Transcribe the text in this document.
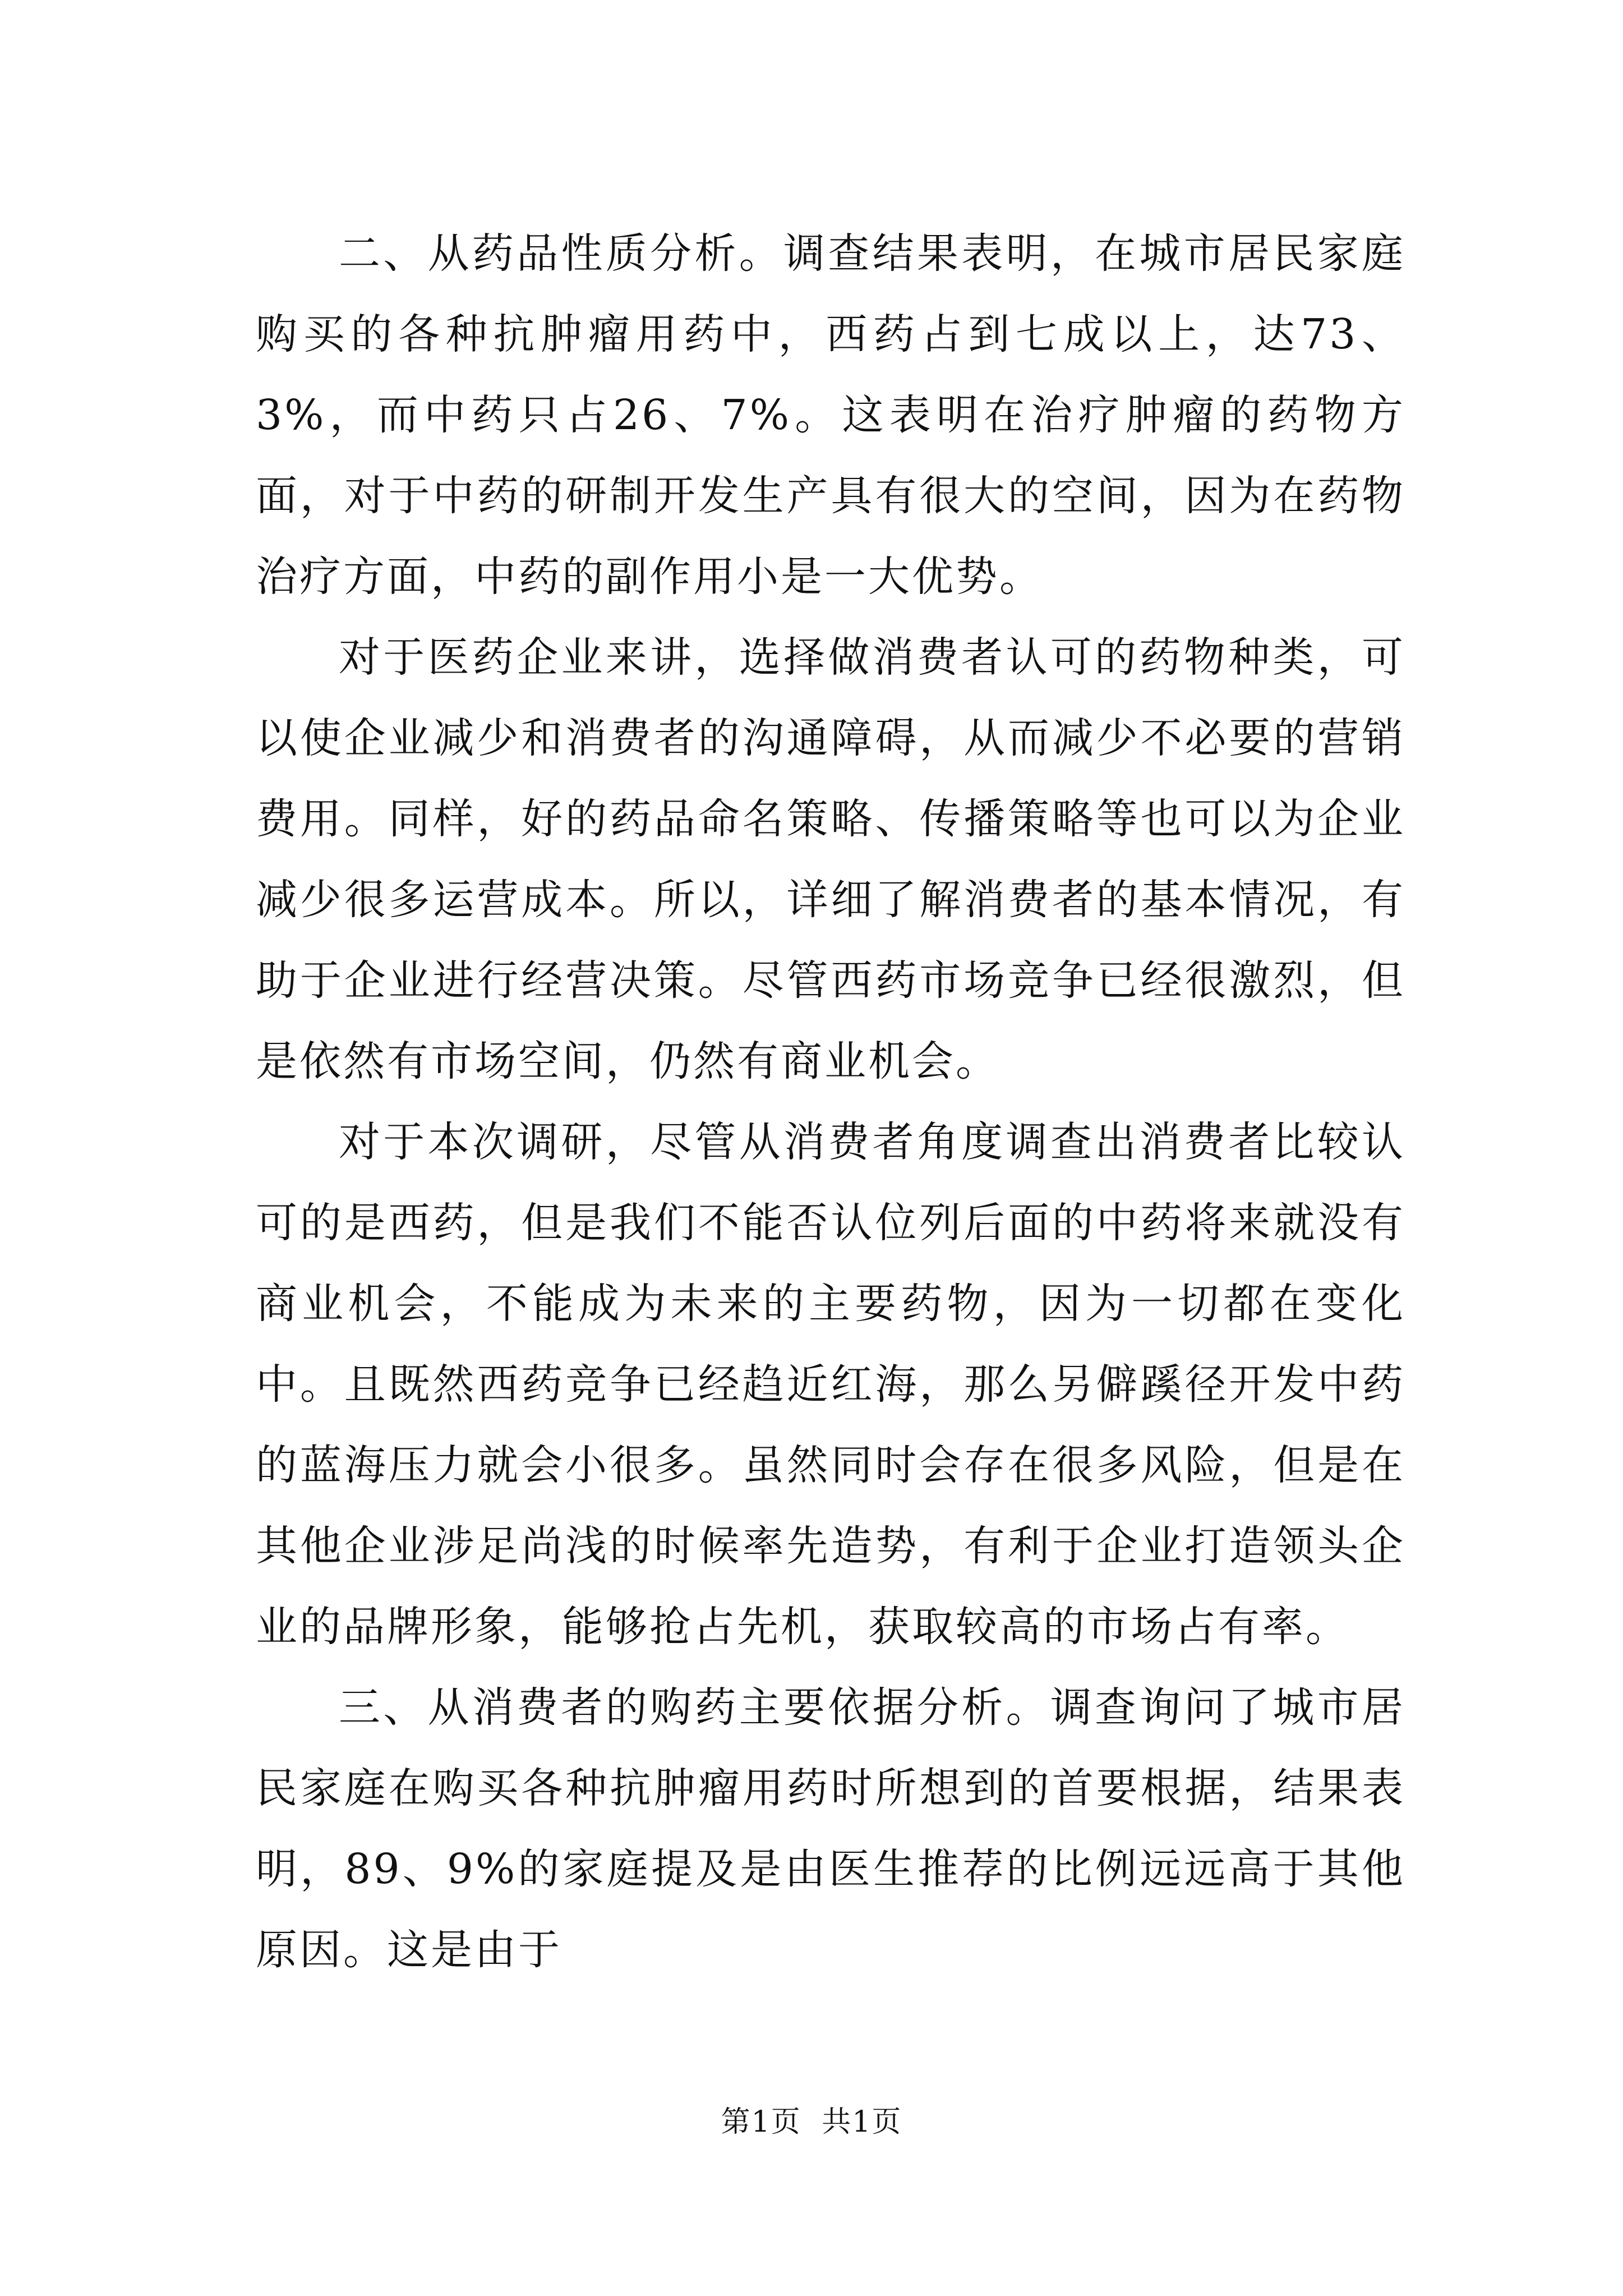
二、从药品性质分析。调查结果表明，在城市居民家庭购买的各种抗肿瘤用药中，西药占到七成以上，达73、3%，而中药只占26、7%。这表明在治疗肿瘤的药物方面，对于中药的研制开发生产具有很大的空间，因为在药物治疗方面，中药的副作用小是一大优势。

对于医药企业来讲，选择做消费者认可的药物种类，可以使企业减少和消费者的沟通障碍，从而减少不必要的营销费用。同样，好的药品命名策略、传播策略等也可以为企业减少很多运营成本。所以，详细了解消费者的基本情况，有助于企业进行经营决策。尽管西药市场竞争已经很激烈，但是依然有市场空间，仍然有商业机会。

对于本次调研，尽管从消费者角度调查出消费者比较认可的是西药，但是我们不能否认位列后面的中药将来就没有商业机会，不能成为未来的主要药物，因为一切都在变化中。且既然西药竞争已经趋近红海，那么另僻蹊径开发中药的蓝海压力就会小很多。虽然同时会存在很多风险，但是在其他企业涉足尚浅的时候率先造势，有利于企业打造领头企业的品牌形象，能够抢占先机，获取较高的市场占有率。

三、从消费者的购药主要依据分析。调查询问了城市居民家庭在购买各种抗肿瘤用药时所想到的首要根据，结果表明，89、9%的家庭提及是由医生推荐的比例远远高于其他原因。这是由于

第1页 共1页
